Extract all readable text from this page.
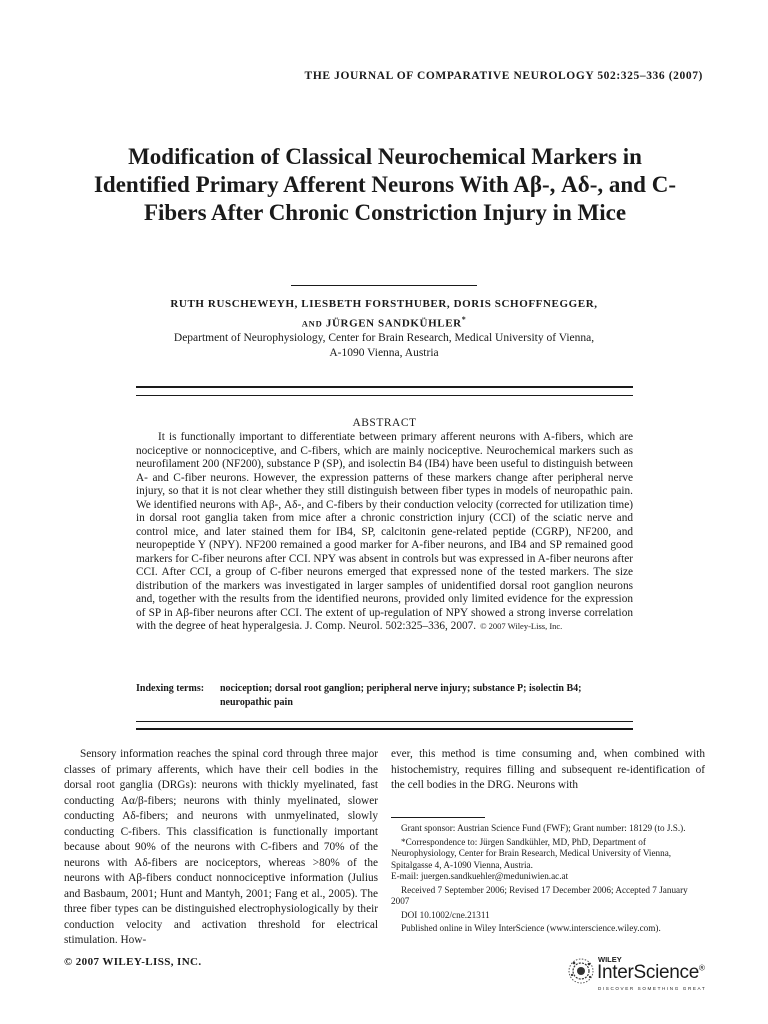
THE JOURNAL OF COMPARATIVE NEUROLOGY 502:325–336 (2007)
Modification of Classical Neurochemical Markers in Identified Primary Afferent Neurons With Aβ-, Aδ-, and C-Fibers After Chronic Constriction Injury in Mice
RUTH RUSCHEWEYH, LIESBETH FORSTHUBER, DORIS SCHOFFNEGGER,
AND JÜRGEN SANDKÜHLER*
Department of Neurophysiology, Center for Brain Research, Medical University of Vienna,
A-1090 Vienna, Austria
ABSTRACT

It is functionally important to differentiate between primary afferent neurons with A-fibers, which are nociceptive or nonnociceptive, and C-fibers, which are mainly nociceptive. Neurochemical markers such as neurofilament 200 (NF200), substance P (SP), and isolectin B4 (IB4) have been useful to distinguish between A- and C-fiber neurons. However, the expression patterns of these markers change after peripheral nerve injury, so that it is not clear whether they still distinguish between fiber types in models of neuropathic pain. We identified neurons with Aβ-, Aδ-, and C-fibers by their conduction velocity (corrected for utilization time) in dorsal root ganglia taken from mice after a chronic constriction injury (CCI) of the sciatic nerve and control mice, and later stained them for IB4, SP, calcitonin gene-related peptide (CGRP), NF200, and neuropeptide Y (NPY). NF200 remained a good marker for A-fiber neurons, and IB4 and SP remained good markers for C-fiber neurons after CCI. NPY was absent in controls but was expressed in A-fiber neurons after CCI. After CCI, a group of C-fiber neurons emerged that expressed none of the tested markers. The size distribution of the markers was investigated in larger samples of unidentified dorsal root ganglion neurons and, together with the results from the identified neurons, provided only limited evidence for the expression of SP in Aβ-fiber neurons after CCI. The extent of up-regulation of NPY showed a strong inverse correlation with the degree of heat hyperalgesia. J. Comp. Neurol. 502:325–336, 2007. © 2007 Wiley-Liss, Inc.

Indexing terms: nociception; dorsal root ganglion; peripheral nerve injury; substance P; isolectin B4; neuropathic pain

Sensory information reaches the spinal cord through three major classes of primary afferents, which have their cell bodies in the dorsal root ganglia (DRGs): neurons with thickly myelinated, fast conducting Aα/β-fibers; neurons with thinly myelinated, slower conducting Aδ-fibers; and neurons with unmyelinated, slowly conducting C-fibers. This classification is functionally important because about 90% of the neurons with C-fibers and 70% of the neurons with Aδ-fibers are nociceptors, whereas >80% of the neurons with Aβ-fibers conduct nonnociceptive information (Julius and Basbaum, 2001; Hunt and Mantyh, 2001; Fang et al., 2005). The three fiber types can be distinguished electrophysiologically by their conduction velocity and activation threshold for electrical stimulation. How-

ever, this method is time consuming and, when combined with histochemistry, requires filling and subsequent re-identification of the cell bodies in the DRG. Neurons with

Grant sponsor: Austrian Science Fund (FWF); Grant number: 18129 (to J.S.).

*Correspondence to: Jürgen Sandkühler, MD, PhD, Department of Neurophysiology, Center for Brain Research, Medical University of Vienna, Spitalgasse 4, A-1090 Vienna, Austria.

E-mail: juergen.sandkuehler@meduniwien.ac.at

Received 7 September 2006; Revised 17 December 2006; Accepted 7 January 2007

DOI 10.1002/cne.21311

Published online in Wiley InterScience (www.interscience.wiley.com).

© 2007 WILEY-LISS, INC.	WILEY
InterScience®
DISCOVER SOMETHING GREAT
